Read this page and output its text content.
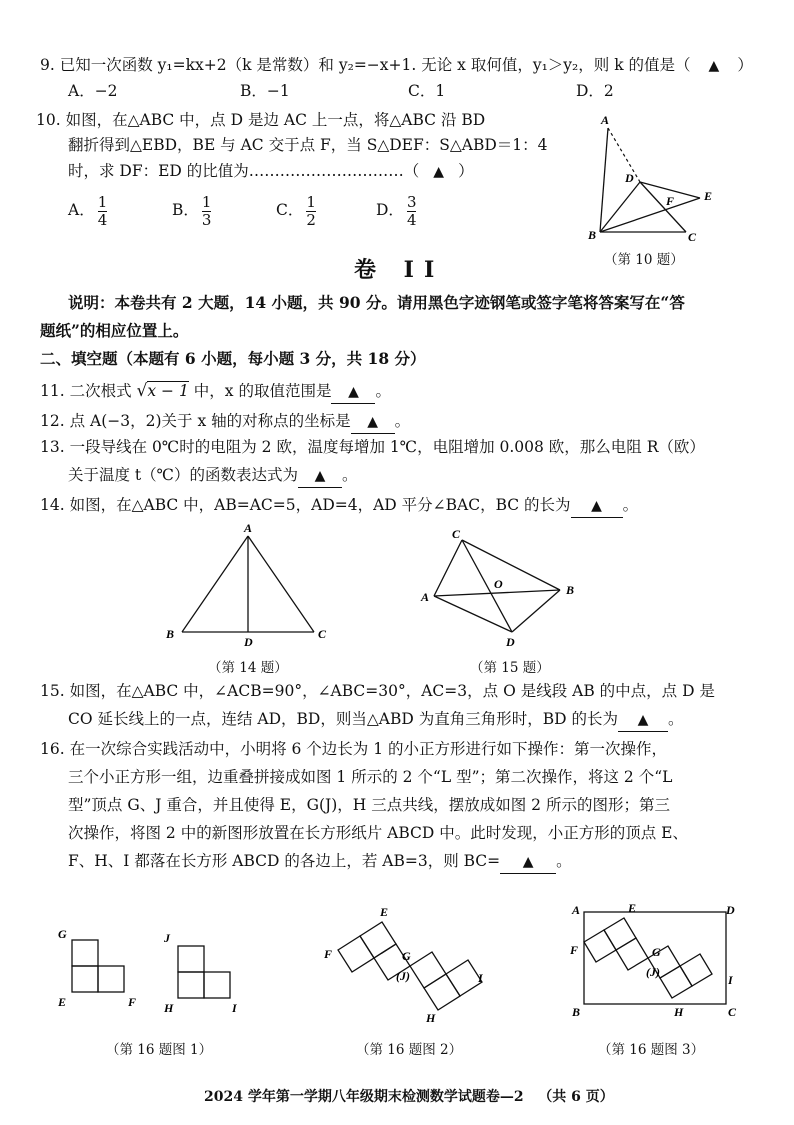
9. 已知一次函数 y₁=kx+2（k 是常数）和 y₂=−x+1. 无论 x 取何值，y₁＞y₂，则 k 的值是（ ▲ ）
A．−2	B．−1	C．1	D．2
10. 如图，在△ABC 中，点 D 是边 AC 上一点，将△ABC 沿 BD
翻折得到△EBD，BE 与 AC 交于点 F，当 S△DEF：S△ABD＝1：4
时，求 DF：ED 的比值为…………………………（ ▲ ）
A． $\frac{1}{4}$	B． $\frac{1}{3}$	C． $\frac{1}{2}$	D． $\frac{3}{4}$
A
D
E
F
B	C
（第 10 题）
卷 II
说明：本卷共有 2 大题，14 小题，共 90 分。请用黑色字迹钢笔或签字笔将答案写在“答
题纸”的相应位置上。
二、填空题（本题有 6 小题，每小题 3 分，共 18 分）
11. 二次根式 √x − 1 中，x 的取值范围是 ▲ 。
12. 点 A(−3，2)关于 x 轴的对称点的坐标是 ▲ 。
13. 一段导线在 0℃时的电阻为 2 欧，温度每增加 1℃，电阻增加 0.008 欧，那么电阻 R（欧）
关于温度 t（℃）的函数表达式为 ▲ 。
14. 如图，在△ABC 中，AB=AC=5，AD=4，AD 平分∠BAC，BC 的长为 ▲ 。
A
B
D
C
（第 14 题）
C
O
A	B
D
（第 15 题）
15. 如图，在△ABC 中，∠ACB=90°，∠ABC=30°，AC=3，点 O 是线段 AB 的中点，点 D 是
CO 延长线上的一点，连结 AD，BD，则当△ABD 为直角三角形时，BD 的长为 ▲ 。
16. 在一次综合实践活动中，小明将 6 个边长为 1 的小正方形进行如下操作：第一次操作，
三个小正方形一组，边重叠拼接成如图 1 所示的 2 个“L 型”；第二次操作，将这 2 个“L
型”顶点 G、J 重合，并且使得 E，G(J)，H 三点共线，摆放成如图 2 所示的图形；第三
次操作，将图 2 中的新图形放置在长方形纸片 ABCD 中。此时发现，小正方形的顶点 E、
F、H、I 都落在长方形 ABCD 的各边上，若 AB=3，则 BC= ▲ 。
G
E	F
J
H	I
（第 16 题图 1）
E
F	G
(J)	I
H
（第 16 题图 2）
A	E	D
F	G
(J)
I
B	H	C
（第 16 题图 3）
2024 学年第一学期八年级期末检测数学试题卷—2 （共 6 页）
